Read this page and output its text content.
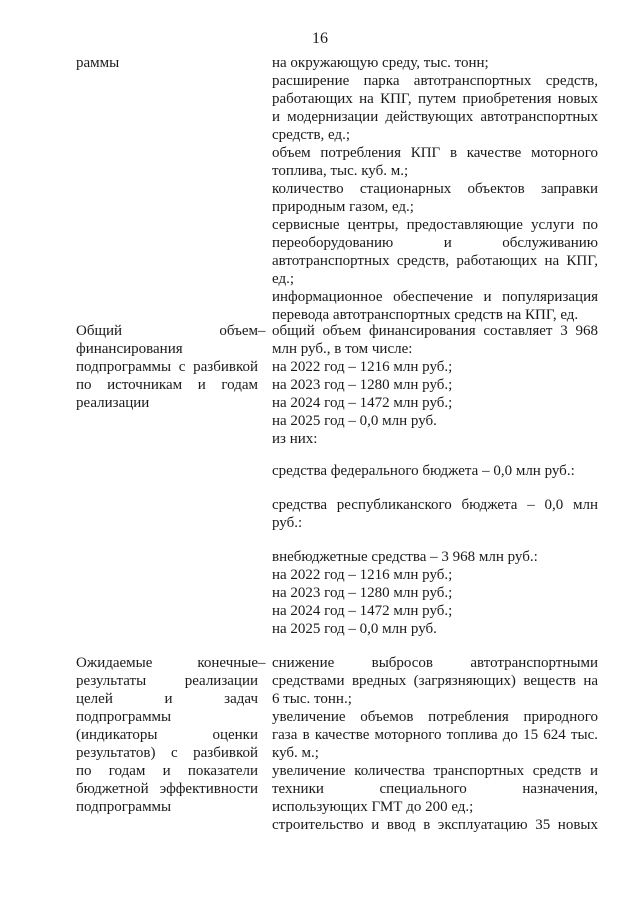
16
раммы
Общий объем
финансирования
подпрограммы с разбивкой
по источникам и годам
реализации
–
Ожидаемые конечные
результаты реализации
целей и задач
подпрограммы
(индикаторы оценки
результатов) с разбивкой
по годам и показатели
бюджетной эффективности
подпрограммы
–
на окружающую среду, тыс. тонн;
расширение парка автотранспортных средств,
работающих на КПГ, путем приобретения новых
и модернизации действующих автотранспортных
средств, ед.;
объем потребления КПГ в качестве моторного
топлива, тыс. куб. м.;
количество стационарных объектов заправки
природным газом, ед.;
сервисные центры, предоставляющие услуги по
переоборудованию и обслуживанию
автотранспортных средств, работающих на КПГ,
ед.;
информационное обеспечение и популяризация
перевода автотранспортных средств на КПГ, ед.
общий объем финансирования составляет 3 968
млн руб., в том числе:
на 2022 год – 1216 млн руб.;
на 2023 год – 1280 млн руб.;
на 2024 год – 1472 млн руб.;
на 2025 год – 0,0 млн руб.
из них:
средства федерального бюджета – 0,0 млн руб.:
средства республиканского бюджета – 0,0 млн
руб.:
внебюджетные средства – 3 968 млн руб.:
на 2022 год – 1216 млн руб.;
на 2023 год – 1280 млн руб.;
на 2024 год – 1472 млн руб.;
на 2025 год – 0,0 млн руб.
снижение выбросов автотранспортными
средствами вредных (загрязняющих) веществ на
6 тыс. тонн.;
увеличение объемов потребления природного
газа в качестве моторного топлива до 15 624 тыс.
куб. м.;
увеличение количества транспортных средств и
техники специального назначения,
использующих ГМТ до 200 ед.;
строительство и ввод в эксплуатацию 35 новых
